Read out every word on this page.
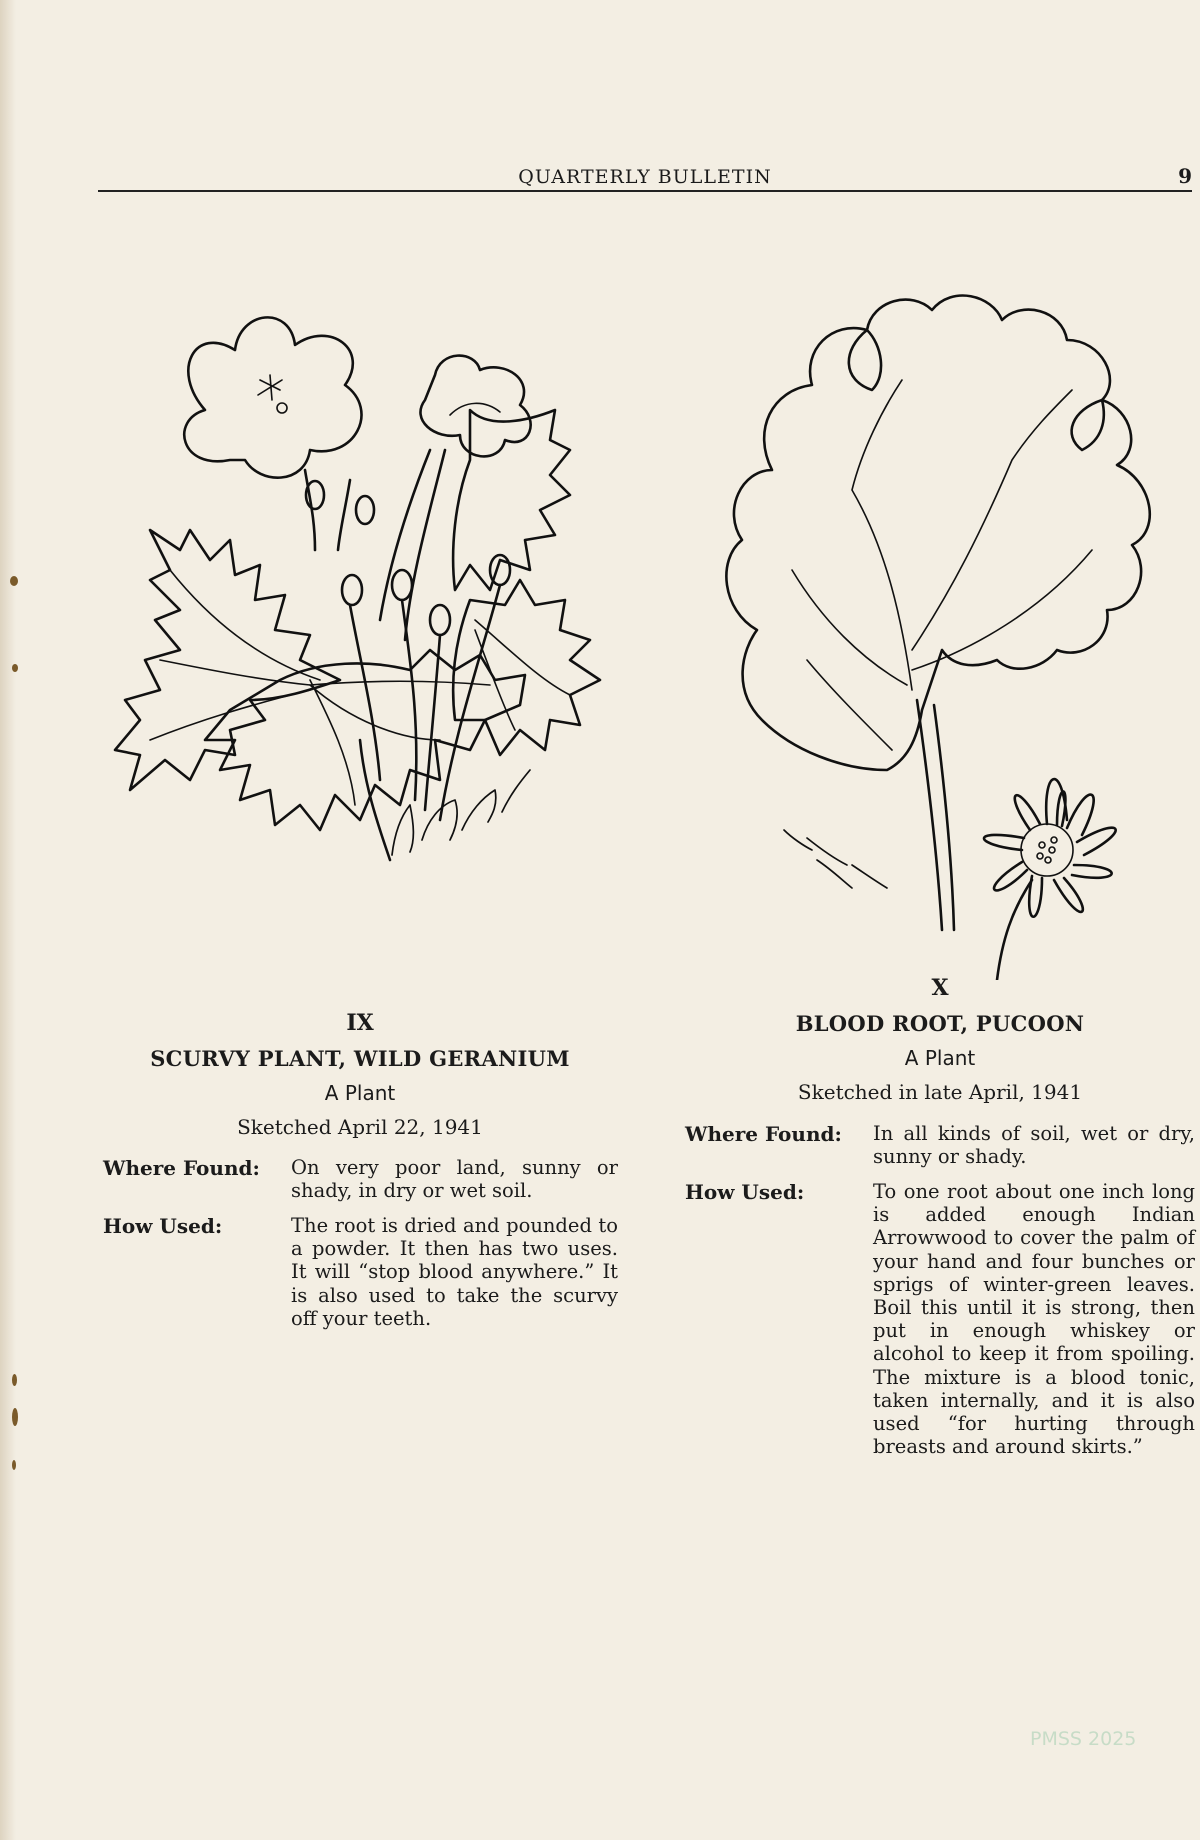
QUARTERLY BULLETIN	9
IX
SCURVY PLANT, WILD GERANIUM
A Plant
Sketched April 22, 1941
Where Found: On very poor land, sunny or shady, in dry or wet soil.
How Used:	The root is dried and pounded to a powder. It then has two uses. It will “stop blood anywhere.” It is also used to take the scurvy off your teeth.
X
BLOOD ROOT, PUCOON
A Plant
Sketched in late April, 1941
Where Found: In all kinds of soil, wet or dry, sunny or shady.
How Used:	To one root about one inch long is added enough Indian Arrowwood to cover the palm of your hand and four bunches or sprigs of winter-green leaves. Boil this until it is strong, then put in enough whiskey or alcohol to keep it from spoiling. The mixture is a blood tonic, taken internally, and it is also used “for hurting through breasts and around skirts.”
PMSS 2025
